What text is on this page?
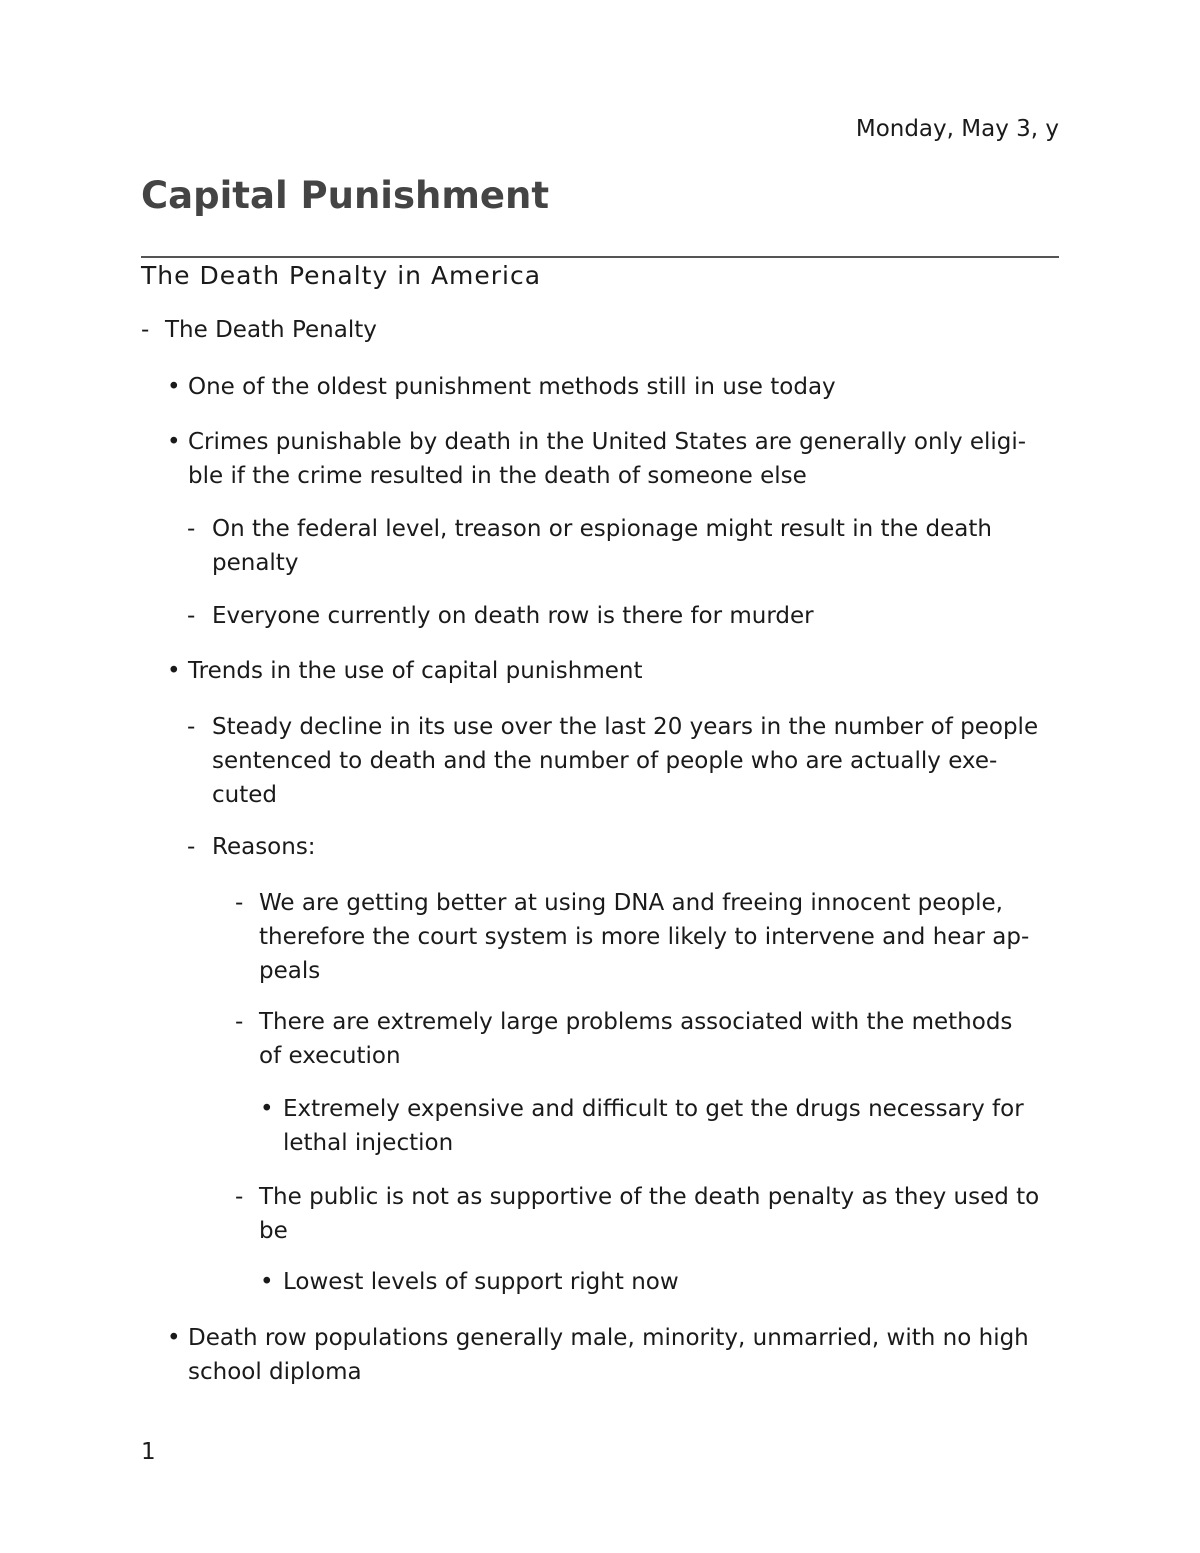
Monday, May 3, y
Capital Punishment
The Death Penalty in America
- The Death Penalty
• One of the oldest punishment methods still in use today
• Crimes punishable by death in the United States are generally only eligi-ble if the crime resulted in the death of someone else
- On the federal level, treason or espionage might result in the death penalty
- Everyone currently on death row is there for murder
• Trends in the use of capital punishment
- Steady decline in its use over the last 20 years in the number of people sentenced to death and the number of people who are actually exe-cuted
- Reasons:
- We are getting better at using DNA and freeing innocent people, therefore the court system is more likely to intervene and hear ap-peals
- There are extremely large problems associated with the methods of execution
• Extremely expensive and difficult to get the drugs necessary for lethal injection
- The public is not as supportive of the death penalty as they used to be
• Lowest levels of support right now
• Death row populations generally male, minority, unmarried, with no high school diploma
1
